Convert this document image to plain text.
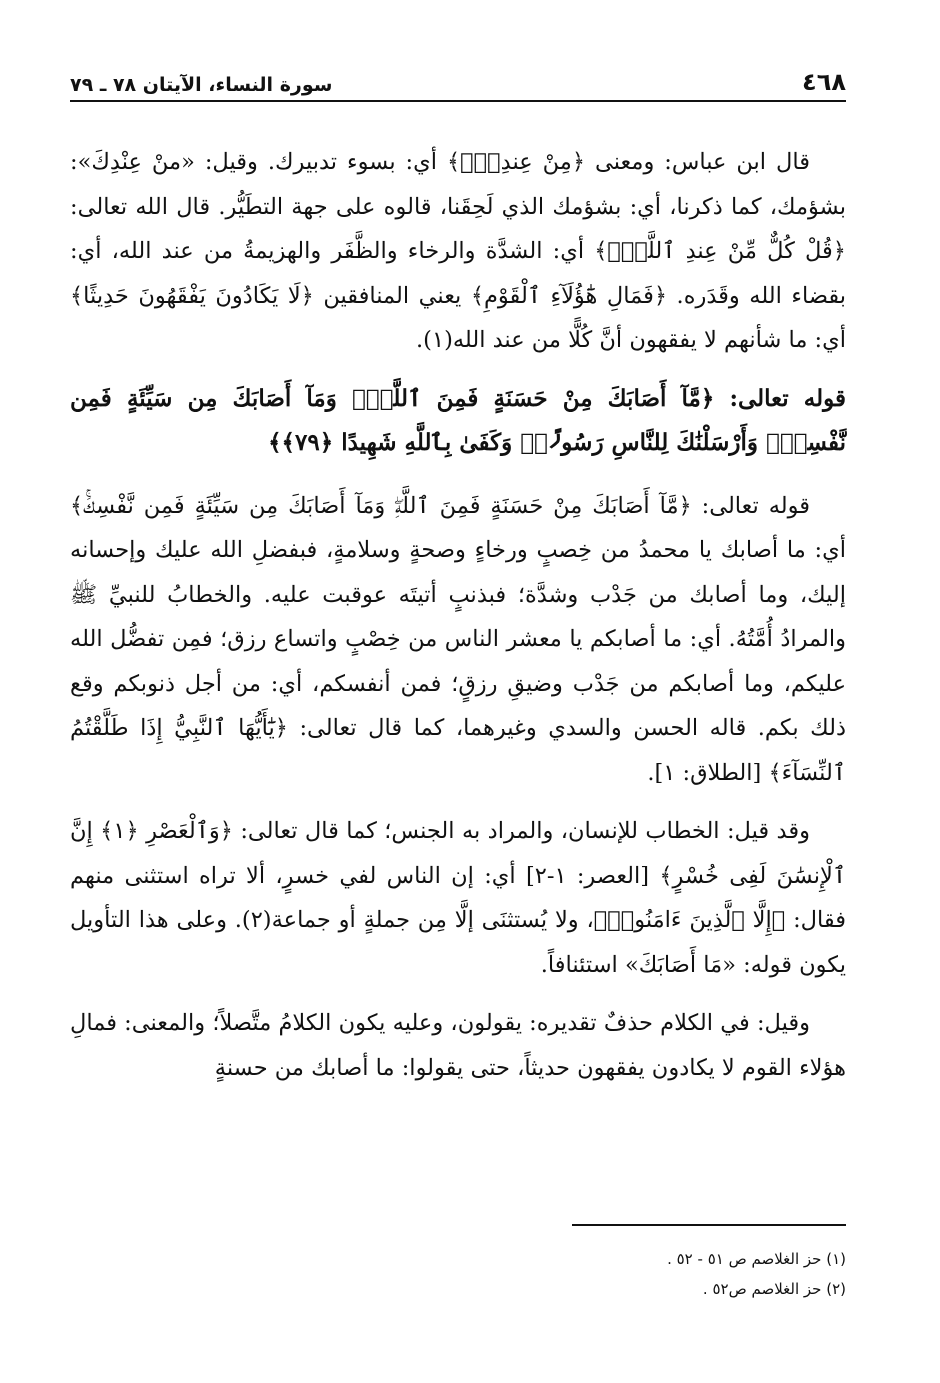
٤٦٨
سورة النساء، الآيتان ٧٨ ـ ٧٩

قال ابن عباس: ومعنى ﴿مِنْ عِندِكَۚ﴾ أي: بسوء تدبيرك. وقيل: «منْ عِنْدِكَ»: بشؤمك، كما ذكرنا، أي: بشؤمك الذي لَحِقَنا، قالوه على جهة التطَيُّر. قال الله تعالى: ﴿قُلْ كُلٌّ مِّنْ عِندِ ٱللَّهِۖ﴾ أي: الشدَّة والرخاء والظَّفَر والهزيمةُ من عند الله، أي: بقضاء الله وقَدَره. ﴿فَمَالِ هَٰٓؤُلَآءِ ٱلْقَوْمِ﴾ يعني المنافقين ﴿لَا يَكَادُونَ يَفْقَهُونَ حَدِيثًا﴾ أي: ما شأنهم لا يفقهون أنَّ كُلًّا من عند الله(١).

قوله تعالى: ﴿مَّآ أَصَابَكَ مِنْ حَسَنَةٍ فَمِنَ ٱللَّهِۖ وَمَآ أَصَابَكَ مِن سَيِّئَةٍ فَمِن نَّفْسِكَۚ وَأَرْسَلْنَٰكَ لِلنَّاسِ رَسُولًاۚ وَكَفَىٰ بِٱللَّهِ شَهِيدًا ﴿٧٩﴾﴾

قوله تعالى: ﴿مَّآ أَصَابَكَ مِنْ حَسَنَةٍ فَمِنَ ٱللَّهِۖ وَمَآ أَصَابَكَ مِن سَيِّئَةٍ فَمِن نَّفْسِكَۚ﴾ أي: ما أصابك يا محمدُ من خِصبٍ ورخاءٍ وصحةٍ وسلامةٍ، فبفضلِ الله عليك وإحسانه إليك، وما أصابك من جَدْب وشدَّة؛ فبذنبٍ أتيتَه عوقبت عليه. والخطابُ للنبيِّ ﷺ والمرادُ أُمَّتُهُ. أي: ما أصابكم يا معشر الناس من خِصْبٍ واتساع رزق؛ فمِن تفضُّل الله عليكم، وما أصابكم من جَدْب وضيقِ رزقٍ؛ فمن أنفسكم، أي: من أجل ذنوبكم وقع ذلك بكم. قاله الحسن والسدي وغيرهما، كما قال تعالى: ﴿يَٰٓأَيُّهَا ٱلنَّبِيُّ إِذَا طَلَّقْتُمُ ٱلنِّسَآءَ﴾ [الطلاق: ١].

وقد قيل: الخطاب للإنسان، والمراد به الجنس؛ كما قال تعالى: ﴿وَٱلْعَصْرِ ﴿١﴾ إِنَّ ٱلْإِنسَٰنَ لَفِى خُسْرٍ﴾ [العصر: ١-٢] أي: إن الناس لفي خسرٍ، ألا تراه استثنى منهم فقال: ﴿إِلَّا ٱلَّذِينَ ءَامَنُوا۟﴾، ولا يُستثنَى إلَّا مِن جملةٍ أو جماعة(٢). وعلى هذا التأويل يكون قوله: «مَا أَصَابَكَ» استئنافاً.

وقيل: في الكلام حذفٌ تقديره: يقولون، وعليه يكون الكلامُ متَّصلاً؛ والمعنى: فمالِ هؤلاء القوم لا يكادون يفقهون حديثاً، حتى يقولوا: ما أصابك من حسنةٍ

(١) حز الغلاصم ص ٥١ - ٥٢ .
(٢) حز الغلاصم ص٥٢ .
